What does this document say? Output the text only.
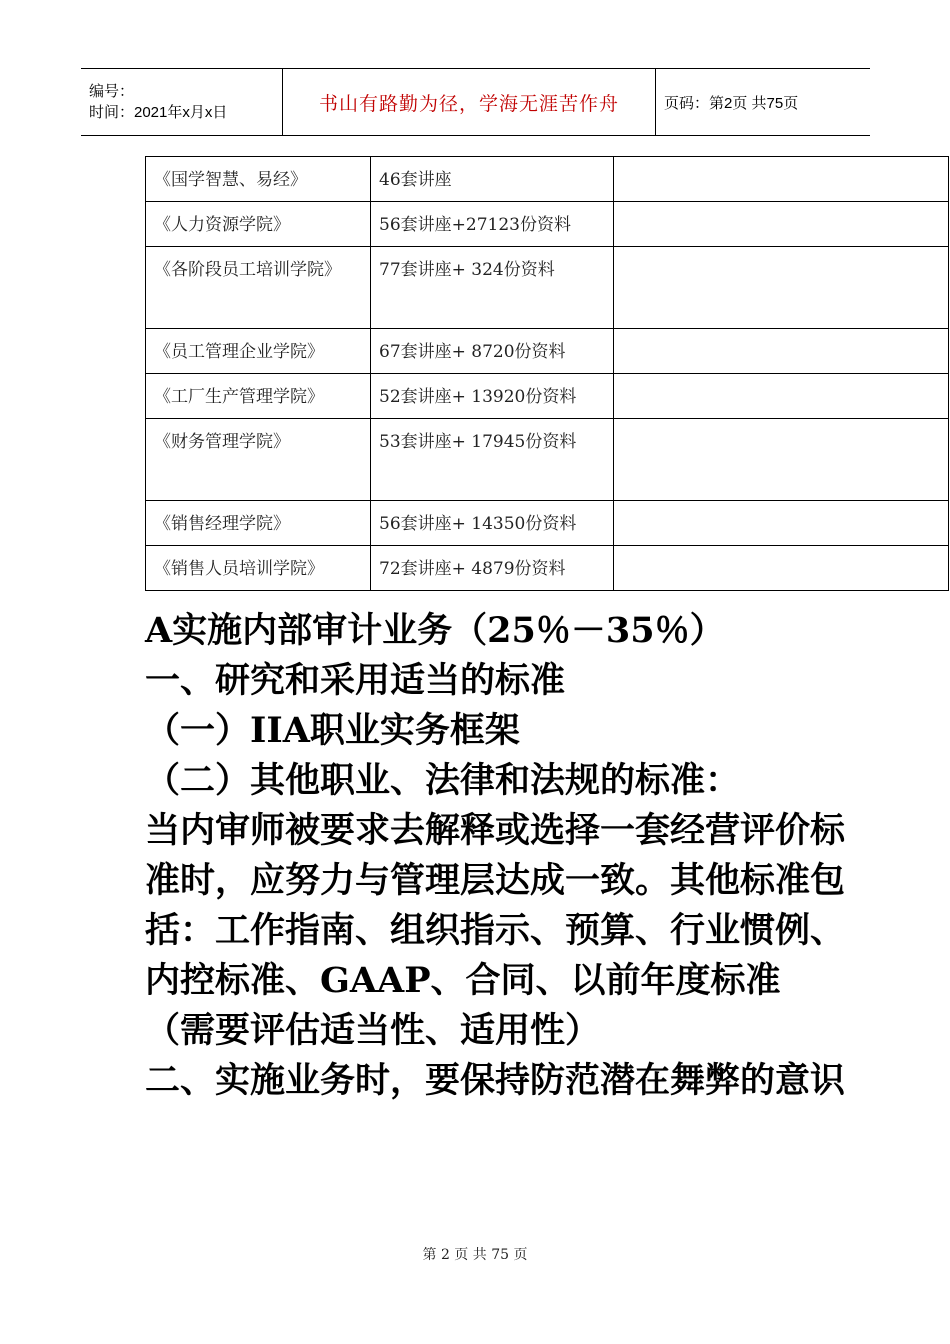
编号：
时间：2021年x月x日	书山有路勤为径，学海无涯苦作舟	页码：第2页 共75页
《国学智慧、易经》	46套讲座	
《人力资源学院》	56套讲座+27123份资料	
《各阶段员工培训学院》	77套讲座+ 324份资料	
《员工管理企业学院》	67套讲座+ 8720份资料	
《工厂生产管理学院》	52套讲座+ 13920份资料	
《财务管理学院》	53套讲座+ 17945份资料	
《销售经理学院》	56套讲座+ 14350份资料	
《销售人员培训学院》	72套讲座+ 4879份资料	

A实施内部审计业务（25％－35％）

一、研究和采用适当的标准

（一）IIA职业实务框架

（二）其他职业、法律和法规的标准：

当内审师被要求去解释或选择一套经营评价标准时，应努力与管理层达成一致。其他标准包括：工作指南、组织指示、预算、行业惯例、内控标准、GAAP、合同、以前年度标准（需要评估适当性、适用性）

二、实施业务时，要保持防范潜在舞弊的意识

第 2 页 共 75 页
